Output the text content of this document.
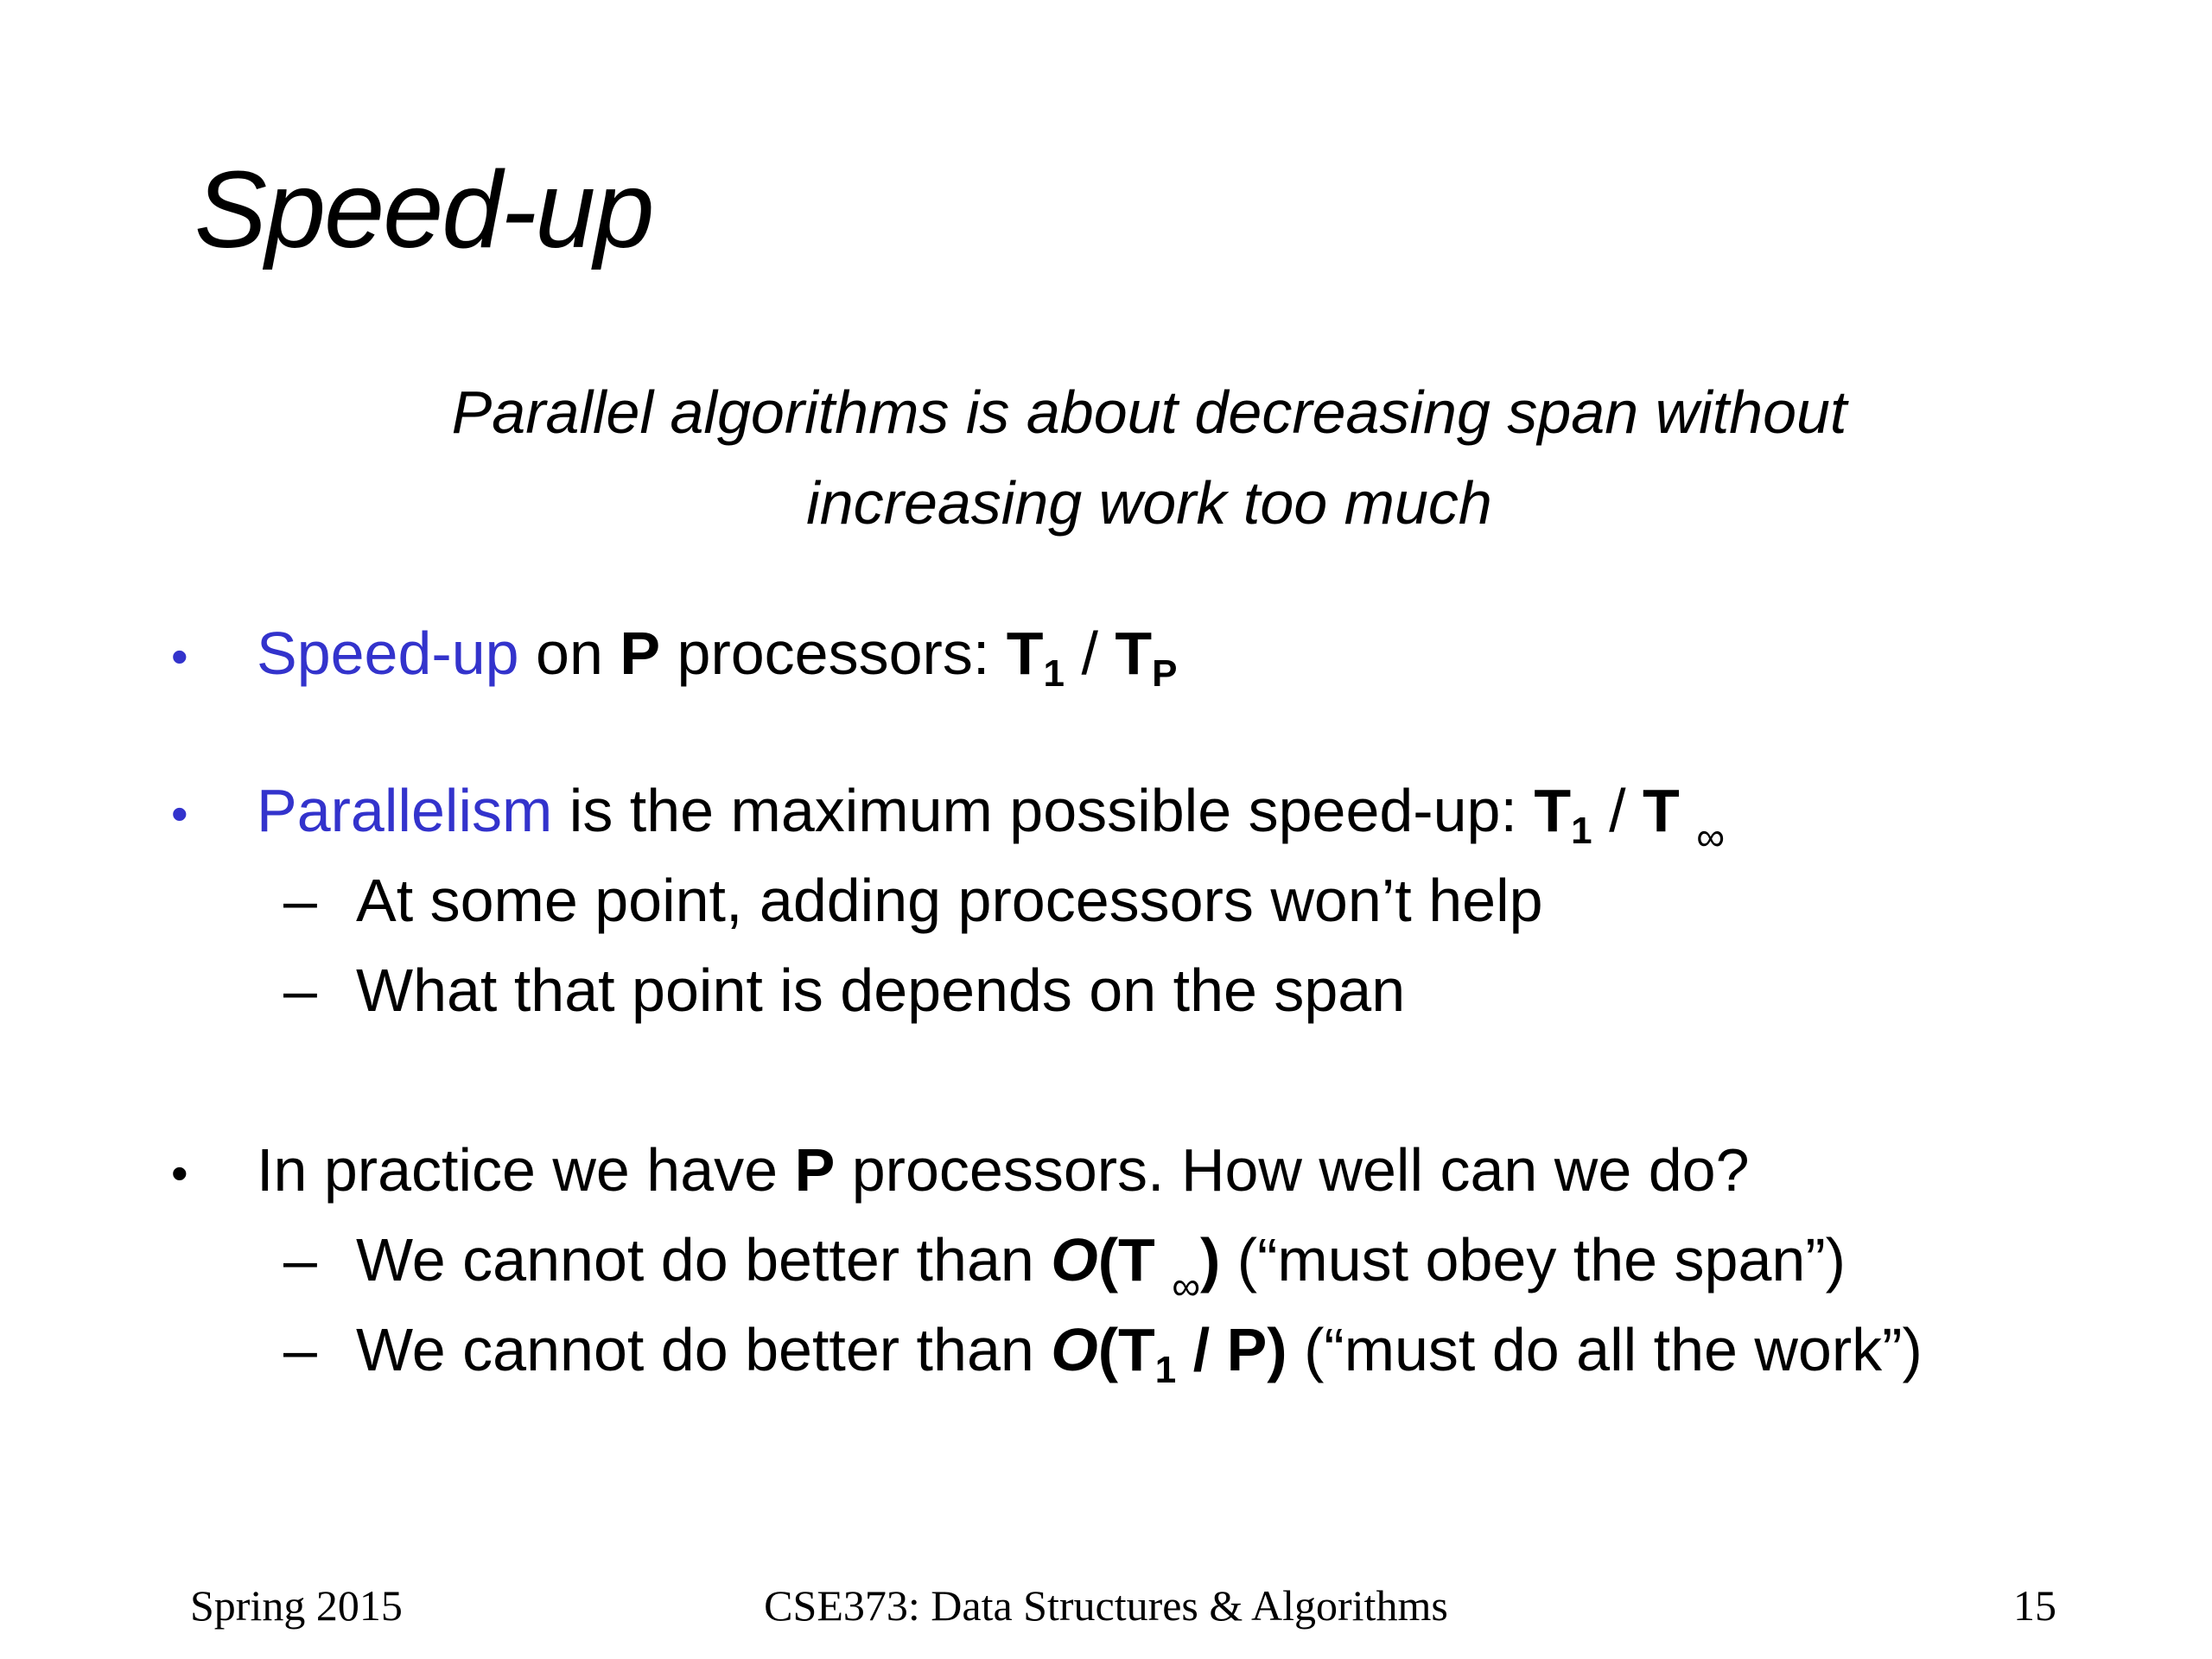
Speed-up
Parallel algorithms is about decreasing span without
increasing work too much
• Speed-up on P processors: $T_1 / T_P$
• Parallelism is the maximum possible speed-up: $T_1$ / T $_\infty$
– At some point, adding processors won’t help
– What that point is depends on the span
• In practice we have P processors. How well can we do?
– We cannot do better than O(T $_\infty$) (“must obey the span”)
– We cannot do better than $O(T_1 / P)$ (“must do all the work”)
Spring 2015	CSE373: Data Structures & Algorithms	15
